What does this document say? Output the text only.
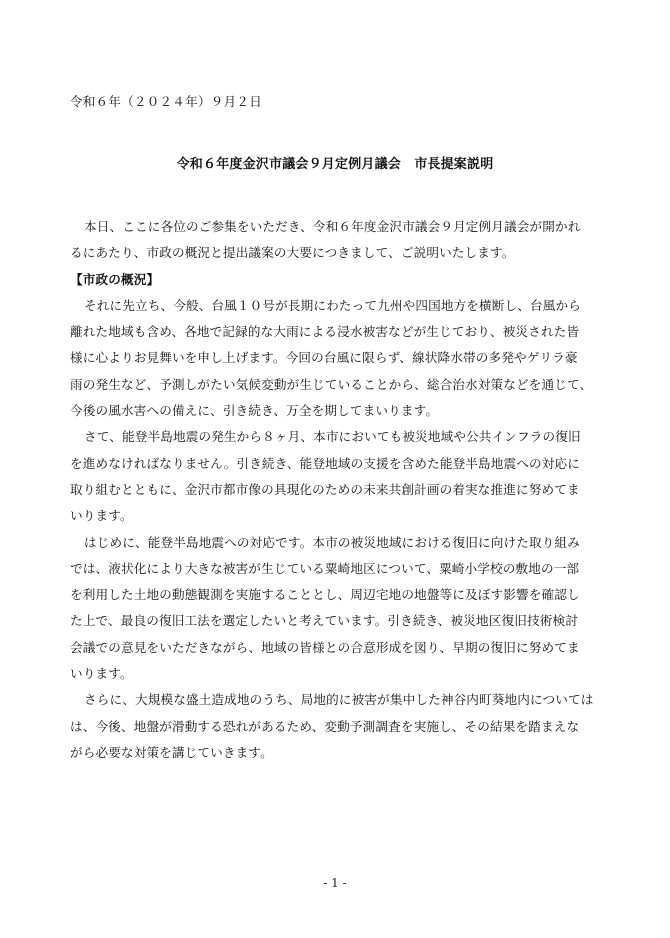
令和６年（２０２４年）９月２日
令和６年度金沢市議会９月定例月議会　市長提案説明
本日、ここに各位のご参集をいただき、令和６年度金沢市議会９月定例月議会が開かれ
るにあたり、市政の概況と提出議案の大要につきまして、ご説明いたします。
【市政の概況】
それに先立ち、今般、台風１０号が長期にわたって九州や四国地方を横断し、台風から
離れた地域も含め、各地で記録的な大雨による浸水被害などが生じており、被災された皆
様に心よりお見舞いを申し上げます。今回の台風に限らず、線状降水帯の多発やゲリラ豪
雨の発生など、予測しがたい気候変動が生じていることから、総合治水対策などを通じて、
今後の風水害への備えに、引き続き、万全を期してまいります。
さて、能登半島地震の発生から８ヶ月、本市においても被災地域や公共インフラの復旧
を進めなければなりません。引き続き、能登地域の支援を含めた能登半島地震への対応に
取り組むとともに、金沢市都市像の具現化のための未来共創計画の着実な推進に努めてま
いります。
はじめに、能登半島地震への対応です。本市の被災地域における復旧に向けた取り組み
では、液状化により大きな被害が生じている粟崎地区について、粟崎小学校の敷地の一部
を利用した土地の動態観測を実施することとし、周辺宅地の地盤等に及ぼす影響を確認し
た上で、最良の復旧工法を選定したいと考えています。引き続き、被災地区復旧技術検討
会議での意見をいただきながら、地域の皆様との合意形成を図り、早期の復旧に努めてま
いります。
さらに、大規模な盛土造成地のうち、局地的に被害が集中した神谷内町葵地内については
は、今後、地盤が滑動する恐れがあるため、変動予測調査を実施し、その結果を踏まえな
がら必要な対策を講じていきます。
- 1 -
